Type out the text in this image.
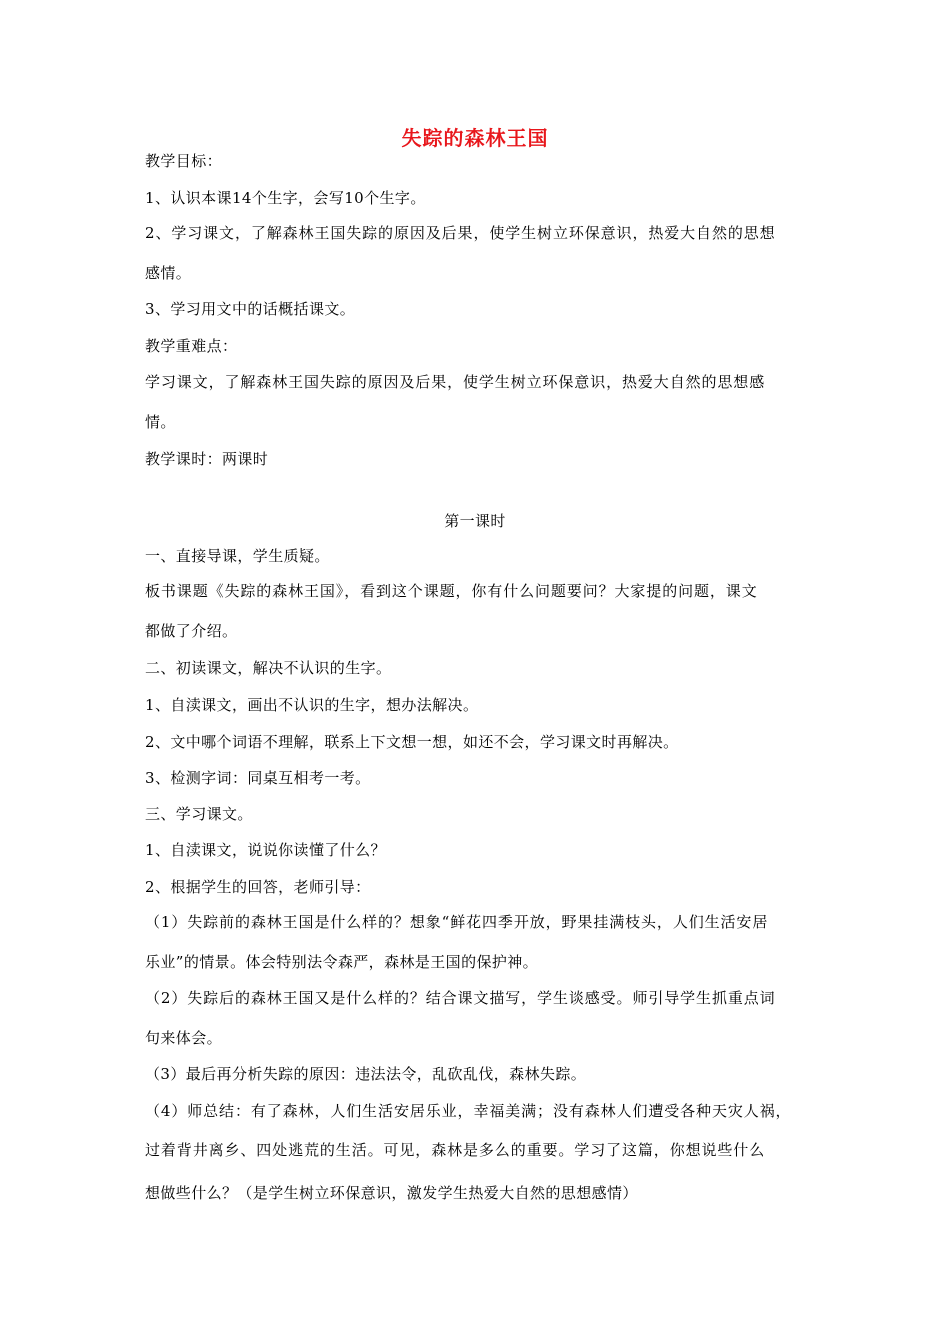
失踪的森林王国
教学目标：
1、认识本课14个生字，会写10个生字。
2、学习课文，了解森林王国失踪的原因及后果，使学生树立环保意识，热爱大自然的思想
感情。
3、学习用文中的话概括课文。
教学重难点：
学习课文，了解森林王国失踪的原因及后果，使学生树立环保意识，热爱大自然的思想感
情。
教学课时：两课时
第一课时
一、直接导课，学生质疑。
板书课题《失踪的森林王国》，看到这个课题，你有什么问题要问？大家提的问题，课文
都做了介绍。
二、初读课文，解决不认识的生字。
1、自渎课文，画出不认识的生字，想办法解决。
2、文中哪个词语不理解，联系上下文想一想，如还不会，学习课文时再解决。
3、检测字词：同桌互相考一考。
三、学习课文。
1、自渎课文，说说你读懂了什么？
2、根据学生的回答，老师引导：
（1）失踪前的森林王国是什么样的？想象“鲜花四季开放，野果挂满枝头，人们生活安居
乐业”的情景。体会特别法令森严，森林是王国的保护神。
（2）失踪后的森林王国又是什么样的？结合课文描写，学生谈感受。师引导学生抓重点词
句来体会。
（3）最后再分析失踪的原因：违法法令，乱砍乱伐，森林失踪。
（4）师总结：有了森林，人们生活安居乐业，幸福美满；没有森林人们遭受各种天灾人祸，
过着背井离乡、四处逃荒的生活。可见，森林是多么的重要。学习了这篇，你想说些什么
想做些什么？（是学生树立环保意识，激发学生热爱大自然的思想感情）
